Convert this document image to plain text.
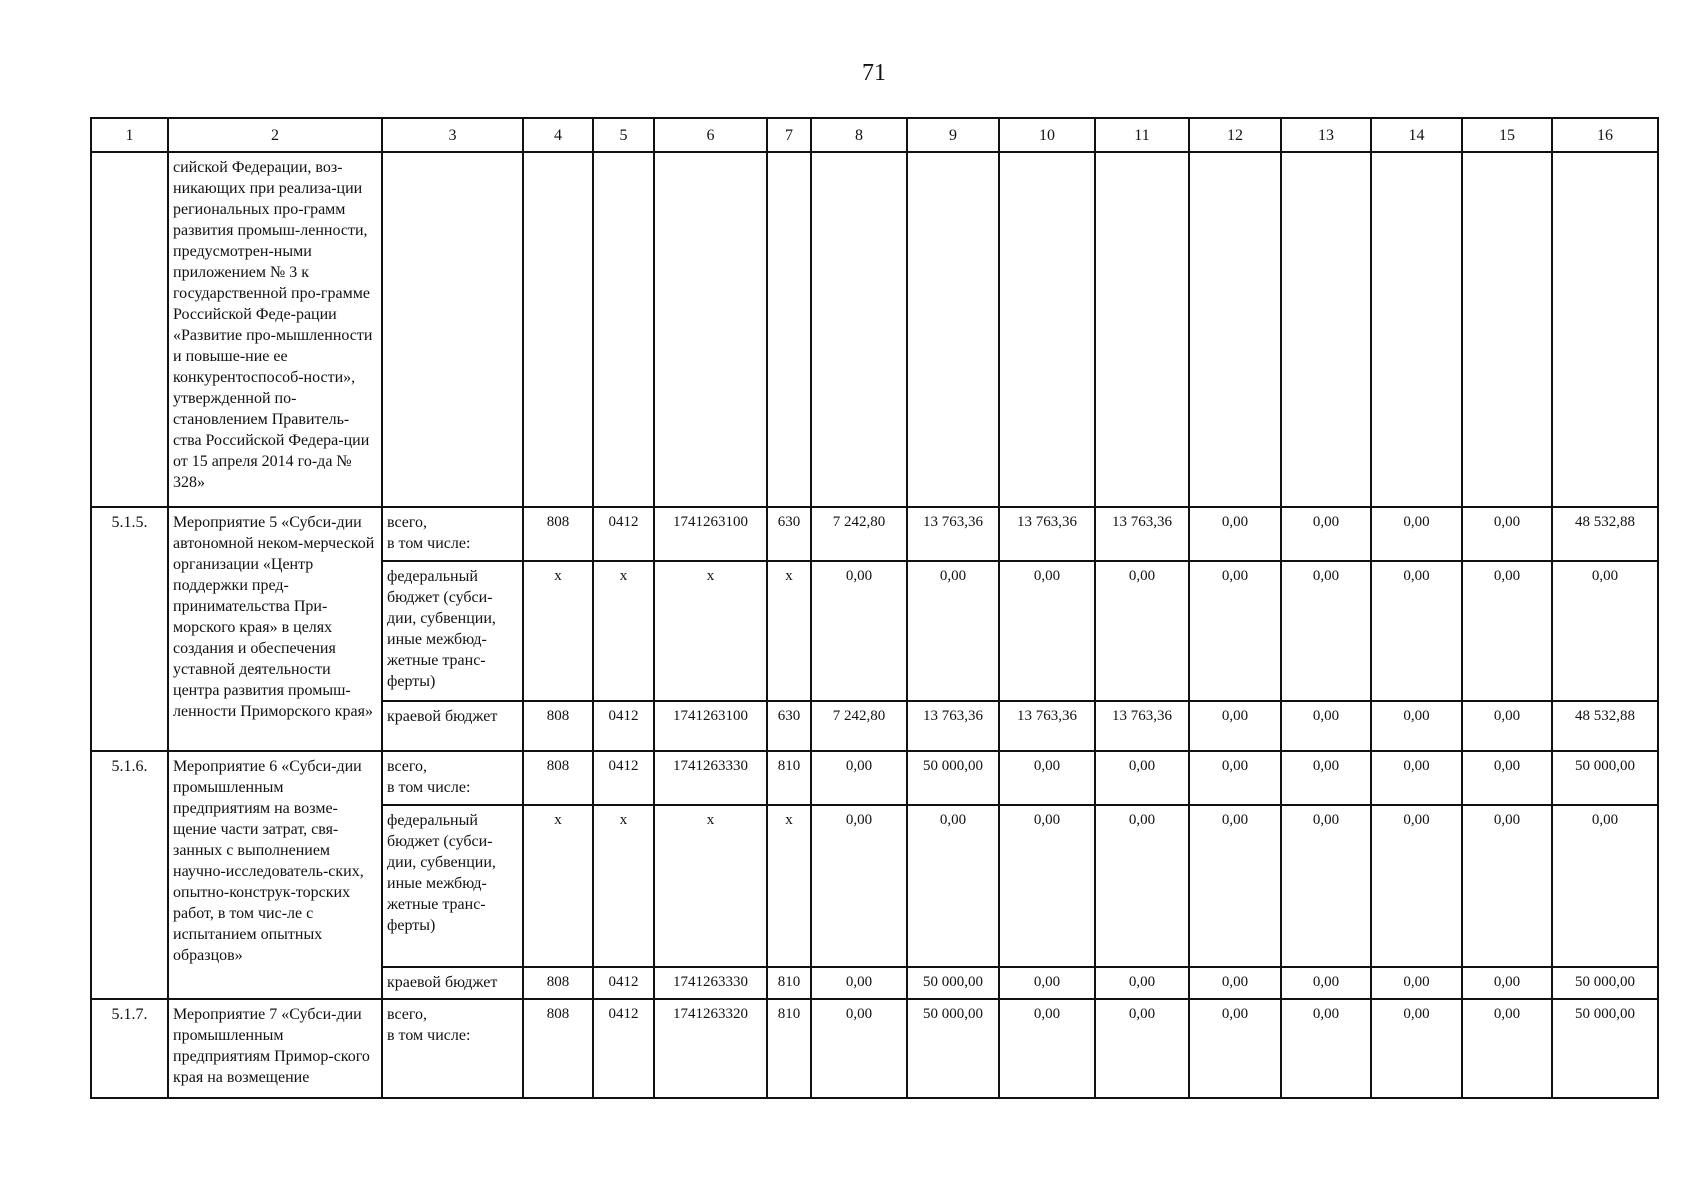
71
1	2	3	4	5	6	7	8	9	10	11	12	13	14	15	16
	сийской Федерации, воз-никающих при реализа-ции региональных про-грамм развития промыш-ленности, предусмотрен-ными приложением № 3 к государственной про-грамме Российской Феде-рации «Развитие про-мышленности и повыше-ние ее конкурентоспособ-ности», утвержденной по-становлением Правитель-ства Российской Федера-ции от 15 апреля 2014 го-да № 328»														
5.1.5.	Мероприятие 5 «Субси-дии автономной неком-мерческой организации «Центр поддержки пред-принимательства При-морского края» в целях создания и обеспечения уставной деятельности центра развития промыш-ленности Приморского края»	всего,
в том числе:	808	0412	1741263100	630	7 242,80	13 763,36	13 763,36	13 763,36	0,00	0,00	0,00	0,00	48 532,88
		федеральный бюджет (субси-дии, субвенции, иные межбюд-жетные транс-ферты)	x	x	x	x	0,00	0,00	0,00	0,00	0,00	0,00	0,00	0,00	0,00
		краевой бюджет	808	0412	1741263100	630	7 242,80	13 763,36	13 763,36	13 763,36	0,00	0,00	0,00	0,00	48 532,88
5.1.6.	Мероприятие 6 «Субси-дии промышленным предприятиям на возме-щение части затрат, свя-занных с выполнением научно-исследователь-ских, опытно-конструк-торских работ, в том чис-ле с испытанием опытных образцов»	всего,
в том числе:	808	0412	1741263330	810	0,00	50 000,00	0,00	0,00	0,00	0,00	0,00	0,00	50 000,00
		федеральный бюджет (субси-дии, субвенции, иные межбюд-жетные транс-ферты)	x	x	x	x	0,00	0,00	0,00	0,00	0,00	0,00	0,00	0,00	0,00
		краевой бюджет	808	0412	1741263330	810	0,00	50 000,00	0,00	0,00	0,00	0,00	0,00	0,00	50 000,00
5.1.7.	Мероприятие 7 «Субси-дии промышленным предприятиям Примор-ского края на возмещение	всего,
в том числе:	808	0412	1741263320	810	0,00	50 000,00	0,00	0,00	0,00	0,00	0,00	0,00	50 000,00
